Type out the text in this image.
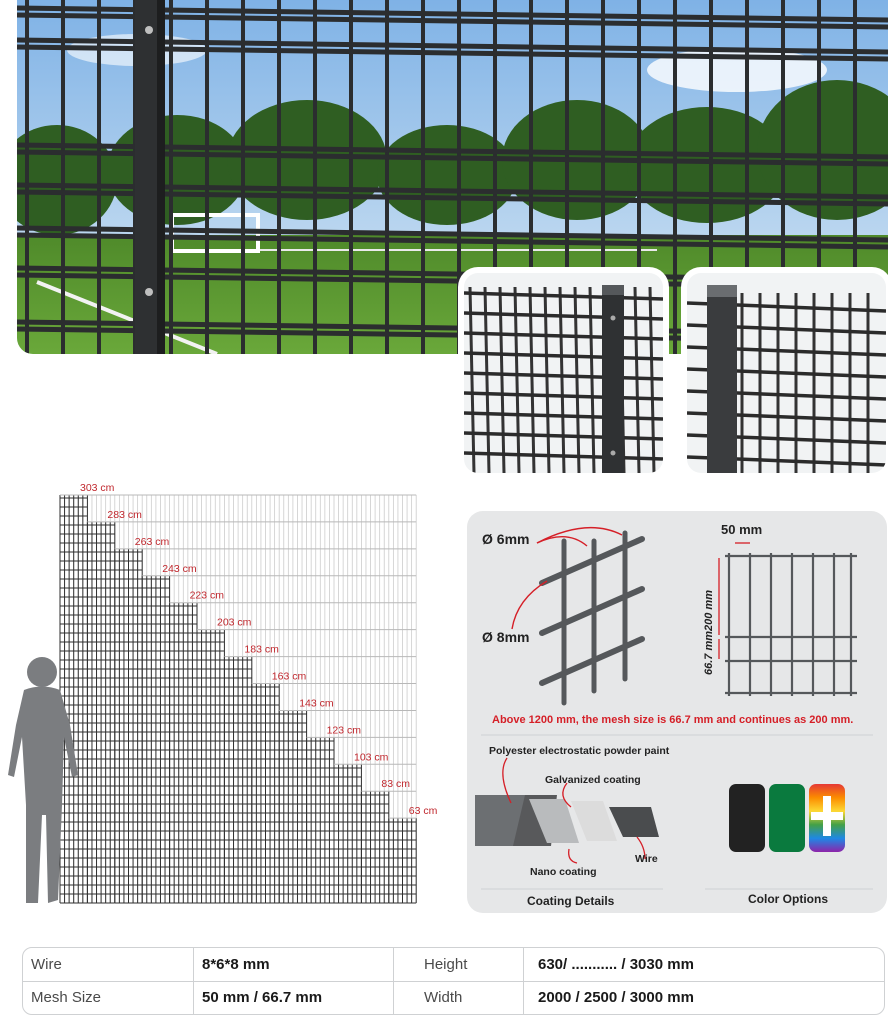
303 cm
283 cm
263 cm
243 cm
223 cm
203 cm
183 cm
163 cm
143 cm
123 cm
103 cm
83 cm
63 cm
Ø 6mm
Ø 8mm
50 mm
66.7 mm200 mm
Above 1200 mm, the mesh size is 66.7 mm and continues as 200 mm.
Polyester electrostatic powder paint
Galvanized coating
Nano coating
Wire
Coating Details	Color Options
Wire	8*6*8 mm	Height	630/ ........... / 3030 mm
Mesh Size	50 mm / 66.7 mm	Width	2000 / 2500 / 3000 mm
